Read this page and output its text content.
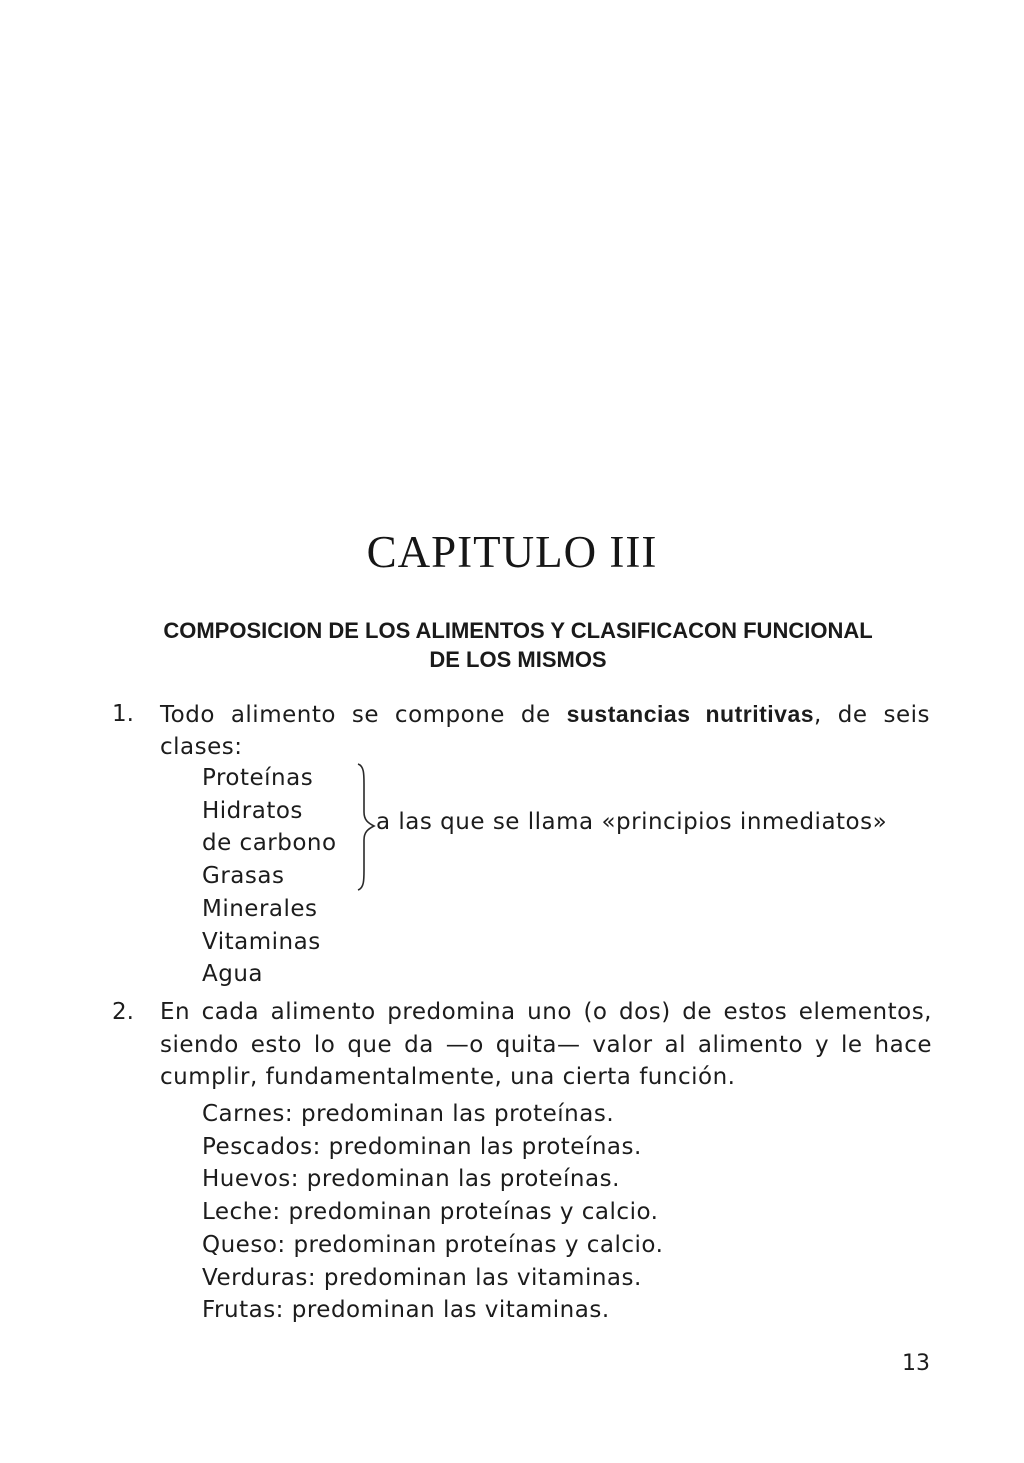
CAPITULO III
COMPOSICION DE LOS ALIMENTOS Y CLASIFICACON FUNCIONAL
DE LOS MISMOS
1. Todo alimento se compone de sustancias nutritivas, de seis
clases:
Proteínas
Hidratos
de carbono
Grasas
Minerales
Vitaminas
Agua
a las que se llama «principios inmediatos»
2. En cada alimento predomina uno (o dos) de estos elementos,
siendo esto lo que da —o quita— valor al alimento y le hace
cumplir, fundamentalmente, una cierta función.
Carnes: predominan las proteínas.
Pescados: predominan las proteínas.
Huevos: predominan las proteínas.
Leche: predominan proteínas y calcio.
Queso: predominan proteínas y calcio.
Verduras: predominan las vitaminas.
Frutas: predominan las vitaminas.
13
